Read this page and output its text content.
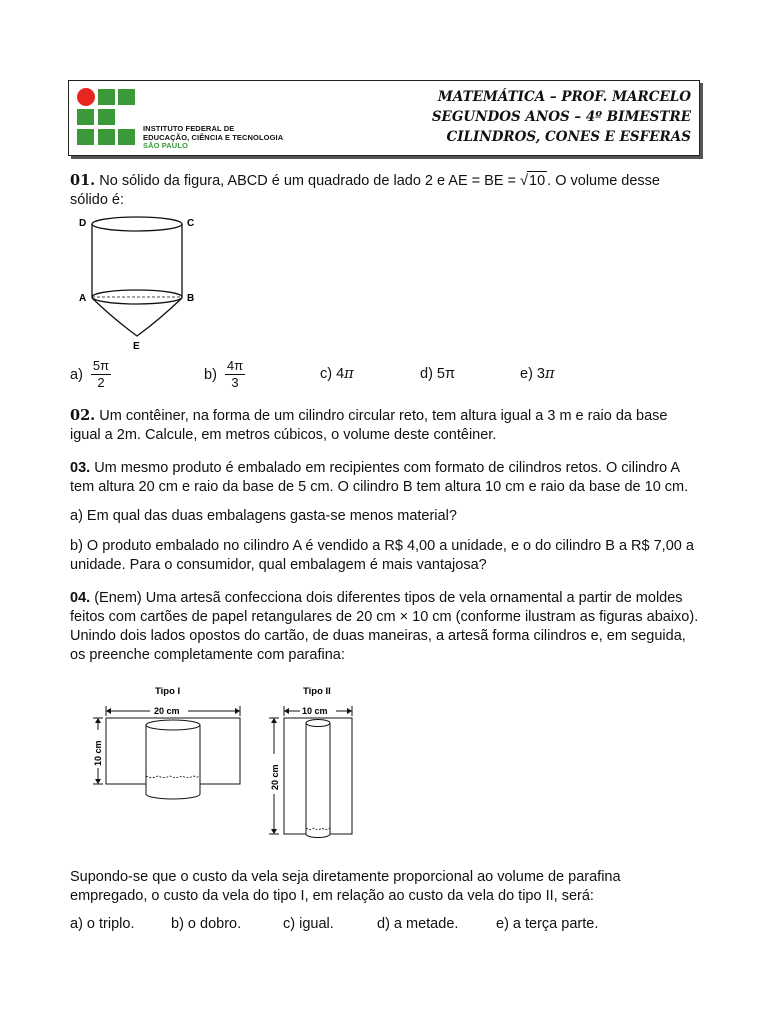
INSTITUTO FEDERAL DE
EDUCAÇÃO, CIÊNCIA E TECNOLOGIA
SÃO PAULO
MATEMÁTICA – PROF. MARCELO
SEGUNDOS ANOS – 4º BIMESTRE
CILINDROS, CONES E ESFERAS
01. No sólido da figura, ABCD é um quadrado de lado 2 e AE = BE = √10 . O volume desse sólido é:
D	C
A	B
E
$a) \frac{5\pi}{2}$	$b) \frac{4\pi}{3}$	c) 4 π	d) 5π	e) 3 π
02. Um contêiner, na forma de um cilindro circular reto, tem altura igual a 3 m e raio da base igual a 2m. Calcule, em metros cúbicos, o volume deste contêiner.
03. Um mesmo produto é embalado em recipientes com formato de cilindros retos. O cilindro A tem altura 20 cm e raio da base de 5 cm. O cilindro B tem altura 10 cm e raio da base de 10 cm.
a) Em qual das duas embalagens gasta-se menos material?
b) O produto embalado no cilindro A é vendido a R$ 4,00 a unidade, e o do cilindro B a R$ 7,00 a unidade. Para o consumidor, qual embalagem é mais vantajosa?
04. (Enem) Uma artesã confecciona dois diferentes tipos de vela ornamental a partir de moldes feitos com cartões de papel retangulares de 20 cm × 10 cm (conforme ilustram as figuras abaixo). Unindo dois lados opostos do cartão, de duas maneiras, a artesã forma cilindros e, em seguida, os preenche completamente com parafina:
Tipo I
20 cm
10 cm
Tipo II
10 cm
20 cm
Supondo-se que o custo da vela seja diretamente proporcional ao volume de parafina empregado, o custo da vela do tipo I, em relação ao custo da vela do tipo II, será:
a) o triplo.	b) o dobro.	c) igual.	d) a metade.	e) a terça parte.
